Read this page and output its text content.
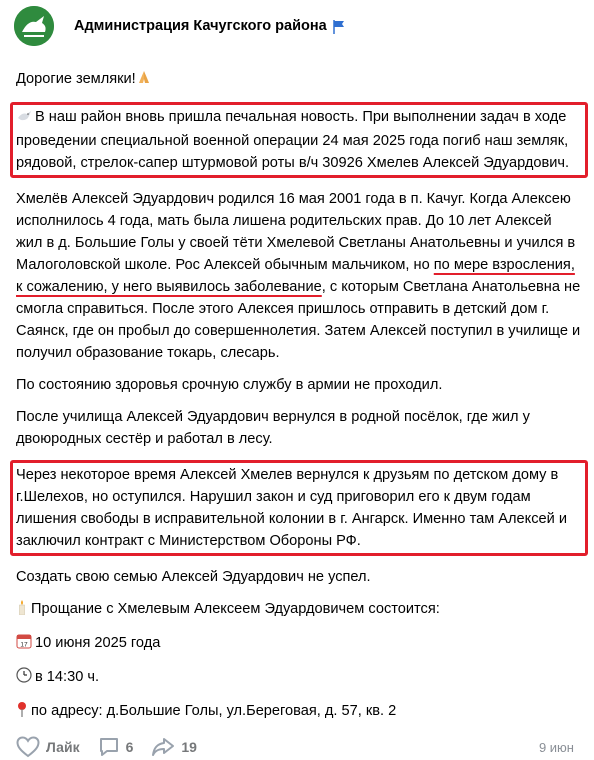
Администрация Качугского района

Дорогие земляки!

В наш район вновь пришла печальная новость. При выполнении задач в ходе проведении специальной военной операции 24 мая 2025 года погиб наш земляк, рядовой, стрелок-сапер штурмовой роты в/ч 30926 Хмелев Алексей Эдуардович.

Хмелёв Алексей Эдуардович родился 16 мая 2001 года в п. Качуг. Когда Алексею исполнилось 4 года, мать была лишена родительских прав. До 10 лет Алексей жил в д. Большие Голы у своей тёти Хмелевой Светланы Анатольевны и учился в Малоголовской школе. Рос Алексей обычным мальчиком, но по мере взросления, к сожалению, у него выявилось заболевание, с которым Светлана Анатольевна не смогла справиться. После этого Алексея пришлось отправить в детский дом г. Саянск, где он пробыл до совершеннолетия. Затем Алексей поступил в училище и получил образование токарь, слесарь.

По состоянию здоровья срочную службу в армии не проходил.

После училища Алексей Эдуардович вернулся в родной посёлок, где жил у двоюродных сестёр и работал в лесу.

Через некоторое время Алексей Хмелев вернулся к друзьям по детском дому в г.Шелехов, но оступился. Нарушил закон и суд приговорил его к двум годам лишения свободы в исправительной колонии в г. Ангарск. Именно там Алексей и заключил контракт с Министерством Обороны РФ.

Создать свою семью Алексей Эдуардович не успел.

Прощание с Хмелевым Алексеем Эдуардовичем состоится:

17 10 июня 2025 года

в 14:30 ч.

по адресу: д.Большие Голы, ул.Береговая, д. 57, кв. 2

Лайк	6	19	9 июн
